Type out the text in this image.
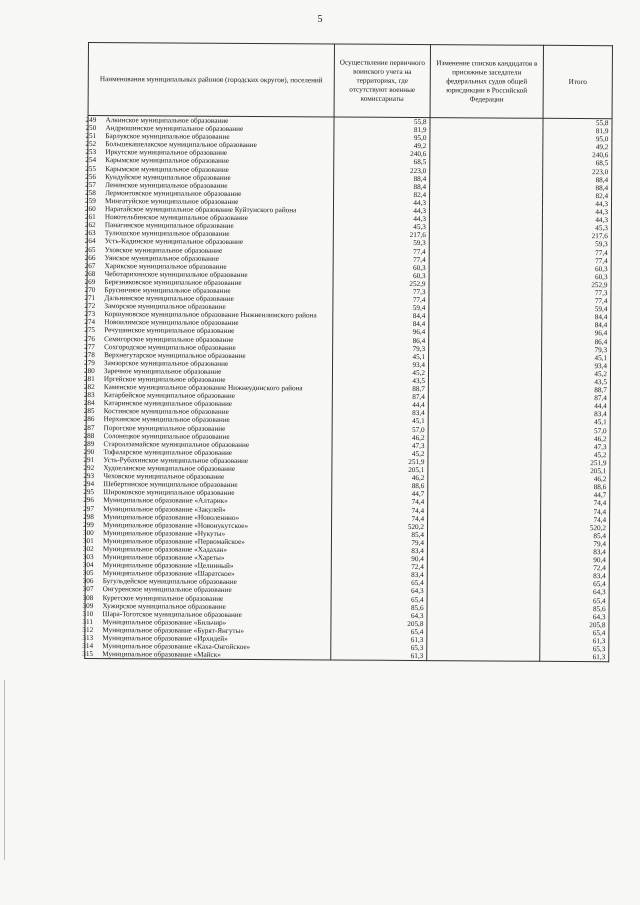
5
Наименования муниципальных районов (городских округов), поселений	Осуществление первичного воинского учета на территориях, где отсутствуют военные комиссариаты	Изменение списков кандидатов в присяжные заседатели федеральных судов общей юрисдикции в Российской Федерации	Итого
249 Алкинское муниципальное образование	55,8		55,8
250 Андрюшинское муниципальное образование	81,9		81,9
251 Барлукское муниципальное образование	95,0		95,0
252 Большекашелакское муниципальное образование	49,2		49,2
253 Иркутское муниципальное образование	240,6		240,6
254 Карымское муниципальное образование	68,5		68,5
255 Карымское муниципальное образование	223,0		223,0
256 Кундуйское муниципальное образование	88,4		88,4
257 Ленинское муниципальное образование	88,4		88,4
258 Лермонтовское муниципальное образование	82,4		82,4
259 Мингатуйское муниципальное образование	44,3		44,3
260 Наратайское муниципальное образование Куйтунского района	44,3		44,3
261 Новотельбинское муниципальное образование	44,3		44,3
262 Панагинское муниципальное образование	45,3		45,3
263 Тулюшское муниципальное образование	217,6		217,6
264 Усть-Кадинское муниципальное образование	59,3		59,3
265 Уховское муниципальное образование	77,4		77,4
266 Уянское муниципальное образование	77,4		77,4
267 Харикское муниципальное образование	60,3		60,3
268 Чеботарихинское муниципальное образование	60,3		60,3
269 Березняковское муниципальное образование	252,9		252,9
270 Брусничное муниципальное образование	77,3		77,3
271 Дальнинское муниципальное образование	77,4		77,4
272 Заморское муниципальное образование	59,4		59,4
273 Коршуновское муниципальное образование Нижнеилимского района	84,4		84,4
274 Новоилимское муниципальное образование	84,4		84,4
275 Речушинское муниципальное образование	96,4		96,4
276 Семигорское муниципальное образование	86,4		86,4
277 Сохгородское муниципальное образование	79,3		79,3
278 Верхнегутарское муниципальное образование	45,1		45,1
279 Замзорское муниципальное образование	93,4		93,4
280 Заречное муниципальное образование	45,2		45,2
281 Иргейское муниципальное образование	43,5		43,5
282 Каменское муниципальное образование Нижнеудинского района	88,7		88,7
283 Катарбейское муниципальное образование	87,4		87,4
284 Катаринское муниципальное образование	44,4		44,4
285 Костинское муниципальное образование	83,4		83,4
286 Нерхинское муниципальное образование	45,1		45,1
287 Порогское муниципальное образование	57,0		57,0
288 Солонецкое муниципальное образование	46,2		46,2
289 Староалзамайское муниципальное образование	47,3		47,3
290 Тофаларское муниципальное образование	45,2		45,2
291 Усть-Рубахинское муниципальное образование	251,9		251,9
292 Худоеланское муниципальное образование	205,1		205,1
293 Чеховское муниципальное образование	46,2		46,2
294 Шебертинское муниципальное образование	88,6		88,6
295 Широковское муниципальное образование	44,7		44,7
296 Муниципальное образование «Алтарик»	74,4		74,4
297 Муниципальное образование «Закулей»	74,4		74,4
298 Муниципальное образование «Новоленино»	74,4		74,4
299 Муниципальное образование «Новонукутское»	520,2		520,2
300 Муниципальное образование «Нукуты»	85,4		85,4
301 Муниципальное образование «Первомайское»	79,4		79,4
302 Муниципальное образование «Хадахан»	83,4		83,4
303 Муниципальное образование «Хареты»	90,4		90,4
304 Муниципальное образование «Целинный»	72,4		72,4
305 Муниципальное образование «Шаратское»	83,4		83,4
306 Бугульдейское муниципальное образование	65,4		65,4
307 Онгуренское муниципальное образование	64,3		64,3
308 Куретское муниципальное образование	65,4		65,4
309 Хужирское муниципальное образование	85,6		85,6
310 Шара-Тоготское муниципальное образование	64,3		64,3
311 Муниципальное образование «Бильчир»	205,8		205,8
312 Муниципальное образование «Бурят-Янгуты»	65,4		65,4
313 Муниципальное образование «Ирхидей»	61,3		61,3
314 Муниципальное образование «Каха-Онгойское»	65,3		65,3
315 Муниципальное образование «Майск»	61,3		61,3
